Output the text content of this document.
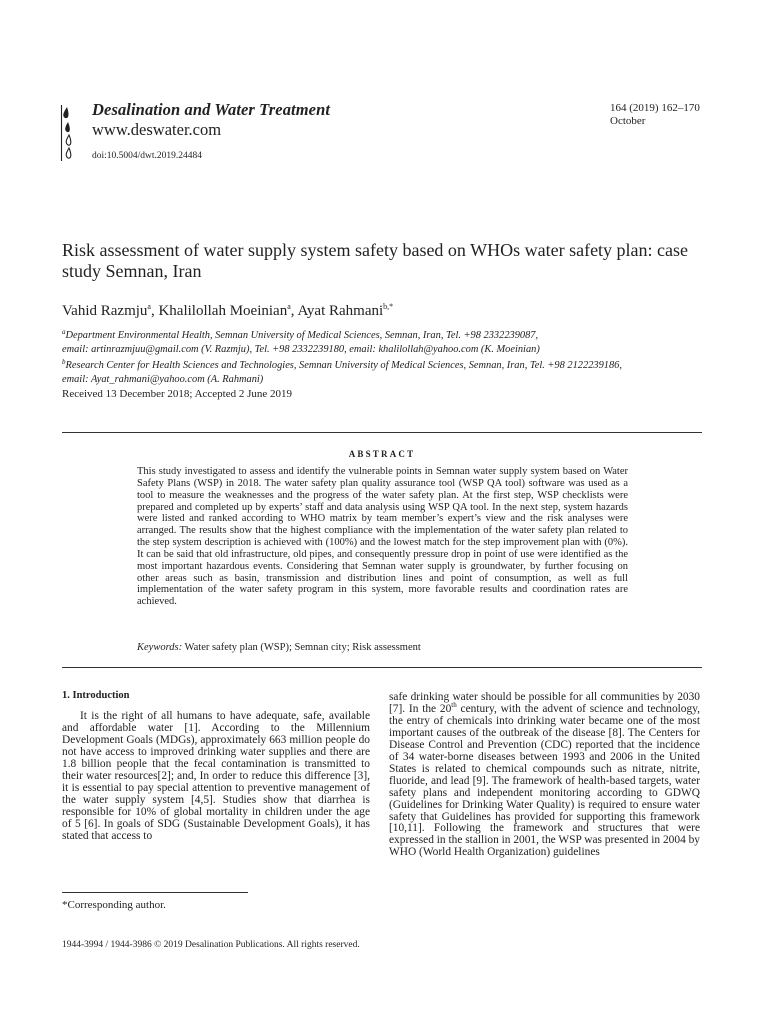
Desalination and Water Treatment
www.deswater.com
doi:10.5004/dwt.2019.24484
164 (2019) 162–170
October
Risk assessment of water supply system safety based on WHOs water safety plan: case study Semnan, Iran
Vahid Razmju$^a$, Khalilollah Moeinian$^a$, Ayat Rahmani$^{b,*}$
$^a$Department Environmental Health, Semnan University of Medical Sciences, Semnan, Iran, Tel. +98 2332239087,
email: artinrazmjuu@gmail.com (V. Razmju), Tel. +98 2332239180, email: khalilollah@yahoo.com (K. Moeinian)
$^b$Research Center for Health Sciences and Technologies, Semnan University of Medical Sciences, Semnan, Iran, Tel. +98 2122239186,
email: Ayat_rahmani@yahoo.com (A. Rahmani)
Received 13 December 2018; Accepted 2 June 2019
ABSTRACT
This study investigated to assess and identify the vulnerable points in Semnan water supply system based on Water Safety Plans (WSP) in 2018. The water safety plan quality assurance tool (WSP QA tool) software was used as a tool to measure the weaknesses and the progress of the water safety plan. At the first step, WSP checklists were prepared and completed up by experts’ staff and data analysis using WSP QA tool. In the next step, system hazards were listed and ranked according to WHO matrix by team member’s expert’s view and the risk analyses were arranged. The results show that the highest compliance with the implementation of the water safety plan related to the step system description is achieved with (100%) and the lowest match for the step improvement plan with (0%). It can be said that old infrastructure, old pipes, and consequently pressure drop in point of use were identified as the most important hazardous events. Considering that Semnan water supply is groundwater, by further focusing on other areas such as basin, transmission and distribution lines and point of consumption, as well as full implementation of the water safety program in this system, more favorable results and coordination rates are achieved.
Keywords: Water safety plan (WSP); Semnan city; Risk assessment
1. Introduction
It is the right of all humans to have adequate, safe, available and affordable water [1]. According to the Millennium Development Goals (MDGs), approximately 663 million people do not have access to improved drinking water supplies and there are 1.8 billion people that the fecal contamination is transmitted to their water resources[2]; and, In order to reduce this difference [3], it is essential to pay special attention to preventive management of the water supply system [4,5]. Studies show that diarrhea is responsible for 10% of global mortality in children under the age of 5 [6]. In goals of SDG (Sustainable Development Goals), it has stated that access to
safe drinking water should be possible for all communities by 2030 [7]. In the 20th century, with the advent of science and technology, the entry of chemicals into drinking water became one of the most important causes of the outbreak of the disease [8]. The Centers for Disease Control and Prevention (CDC) reported that the incidence of 34 water-borne diseases between 1993 and 2006 in the United States is related to chemical compounds such as nitrate, nitrite, fluoride, and lead [9]. The framework of health-based targets, water safety plans and independent monitoring according to GDWQ (Guidelines for Drinking Water Quality) is required to ensure water safety that Guidelines has provided for supporting this framework [10,11]. Following the framework and structures that were expressed in the stallion in 2001, the WSP was presented in 2004 by WHO (World Health Organization) guidelines
*Corresponding author.
1944-3994 / 1944-3986 © 2019 Desalination Publications. All rights reserved.
